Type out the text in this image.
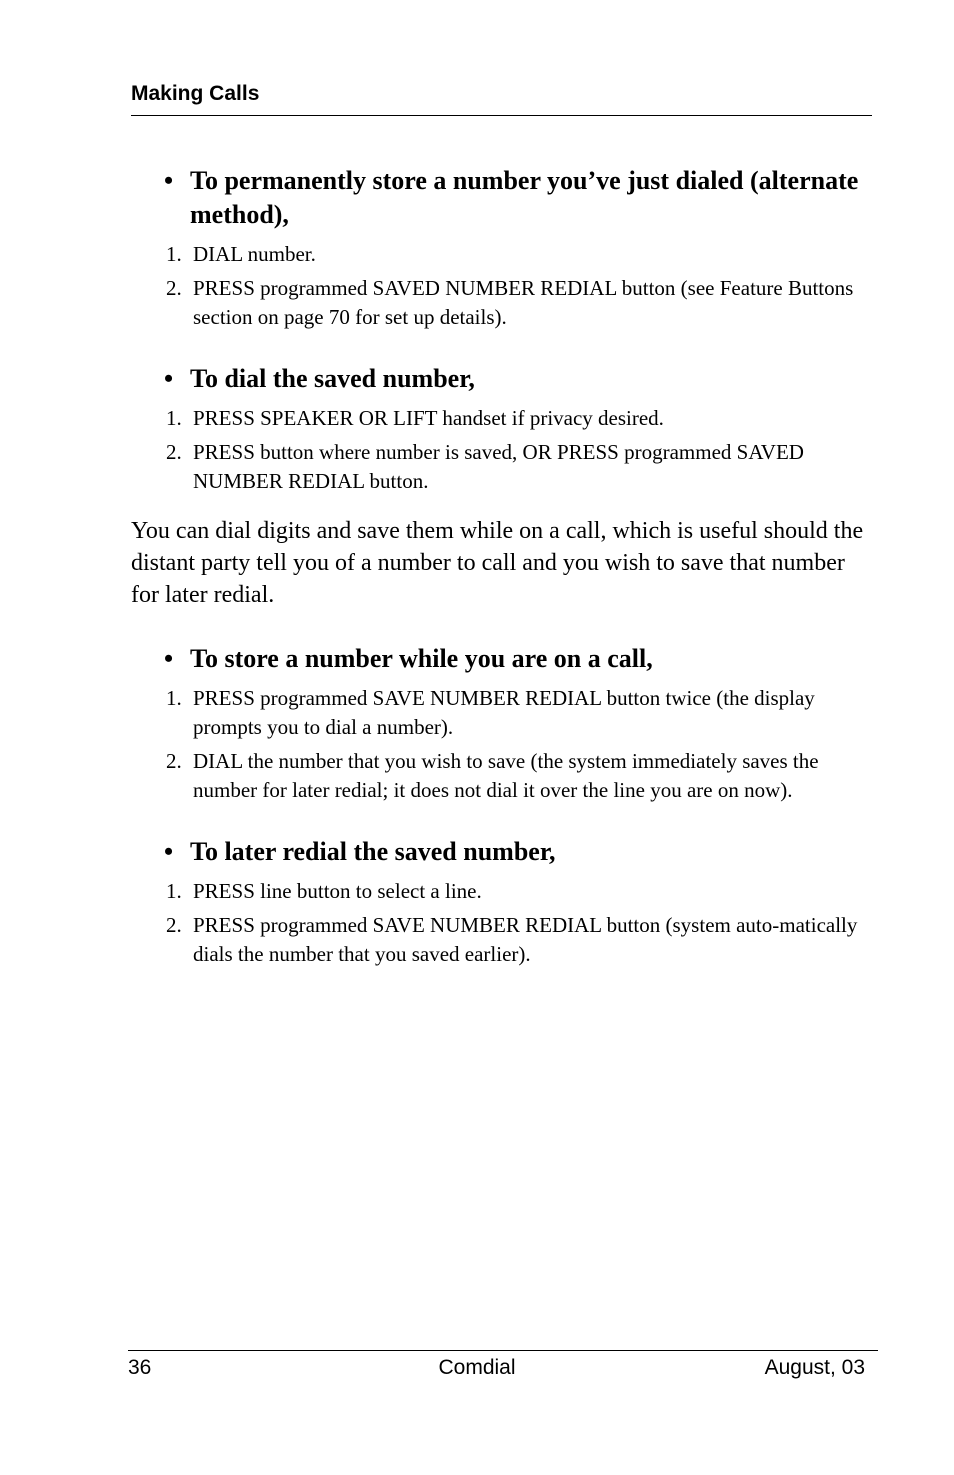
Making Calls
• To permanently store a number you’ve just dialed (alternate method),
1. DIAL number.
2. PRESS programmed SAVED NUMBER REDIAL button (see Feature Buttons section on page 70 for set up details).
• To dial the saved number,
1. PRESS SPEAKER OR LIFT handset if privacy desired.
2. PRESS button where number is saved, OR PRESS programmed SAVED NUMBER REDIAL button.

You can dial digits and save them while on a call, which is useful should the distant party tell you of a number to call and you wish to save that number for later redial.

• To store a number while you are on a call,
1. PRESS programmed SAVE NUMBER REDIAL button twice (the display prompts you to dial a number).
2. DIAL the number that you wish to save (the system immediately saves the number for later redial; it does not dial it over the line you are on now).
• To later redial the saved number,
1. PRESS line button to select a line.
2. PRESS programmed SAVE NUMBER REDIAL button (system auto-matically dials the number that you saved earlier).
36	Comdial	August, 03
